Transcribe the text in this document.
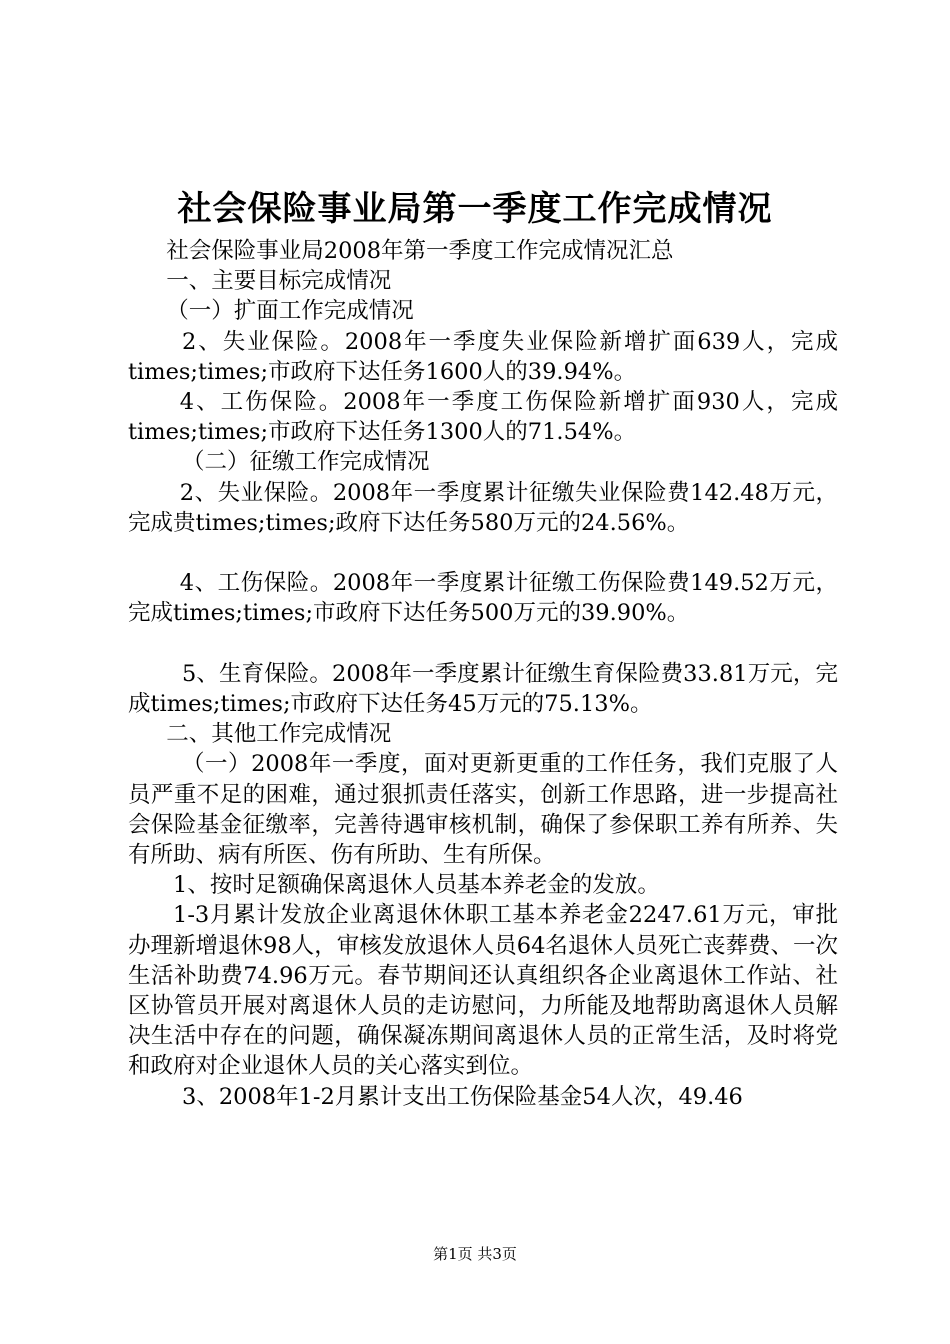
社会保险事业局第一季度工作完成情况

社会保险事业局2008年第一季度工作完成情况汇总

一、主要目标完成情况

（一）扩面工作完成情况

2、失业保险。2008年一季度失业保险新增扩面639人，完成times;times;市政府下达任务1600人的39.94%。

4、工伤保险。2008年一季度工伤保险新增扩面930人，完成times;times;市政府下达任务1300人的71.54%。

（二）征缴工作完成情况

2、失业保险。2008年一季度累计征缴失业保险费142.48万元，完成贵times;times;政府下达任务580万元的24.56%。

4、工伤保险。2008年一季度累计征缴工伤保险费149.52万元，完成times;times;市政府下达任务500万元的39.90%。

5、生育保险。2008年一季度累计征缴生育保险费33.81万元，完成times;times;市政府下达任务45万元的75.13%。

二、其他工作完成情况

（一）2008年一季度，面对更新更重的工作任务，我们克服了人员严重不足的困难，通过狠抓责任落实，创新工作思路，进一步提高社会保险基金征缴率，完善待遇审核机制，确保了参保职工养有所养、失有所助、病有所医、伤有所助、生有所保。

1、按时足额确保离退休人员基本养老金的发放。

1-3月累计发放企业离退休休职工基本养老金2247.61万元，审批办理新增退休98人，审核发放退休人员64名退休人员死亡丧葬费、一次生活补助费74.96万元。春节期间还认真组织各企业离退休工作站、社区协管员开展对离退休人员的走访慰问，力所能及地帮助离退休人员解决生活中存在的问题，确保凝冻期间离退休人员的正常生活，及时将党和政府对企业退休人员的关心落实到位。

3、2008年1-2月累计支出工伤保险基金54人次，49.46

第1页 共3页
